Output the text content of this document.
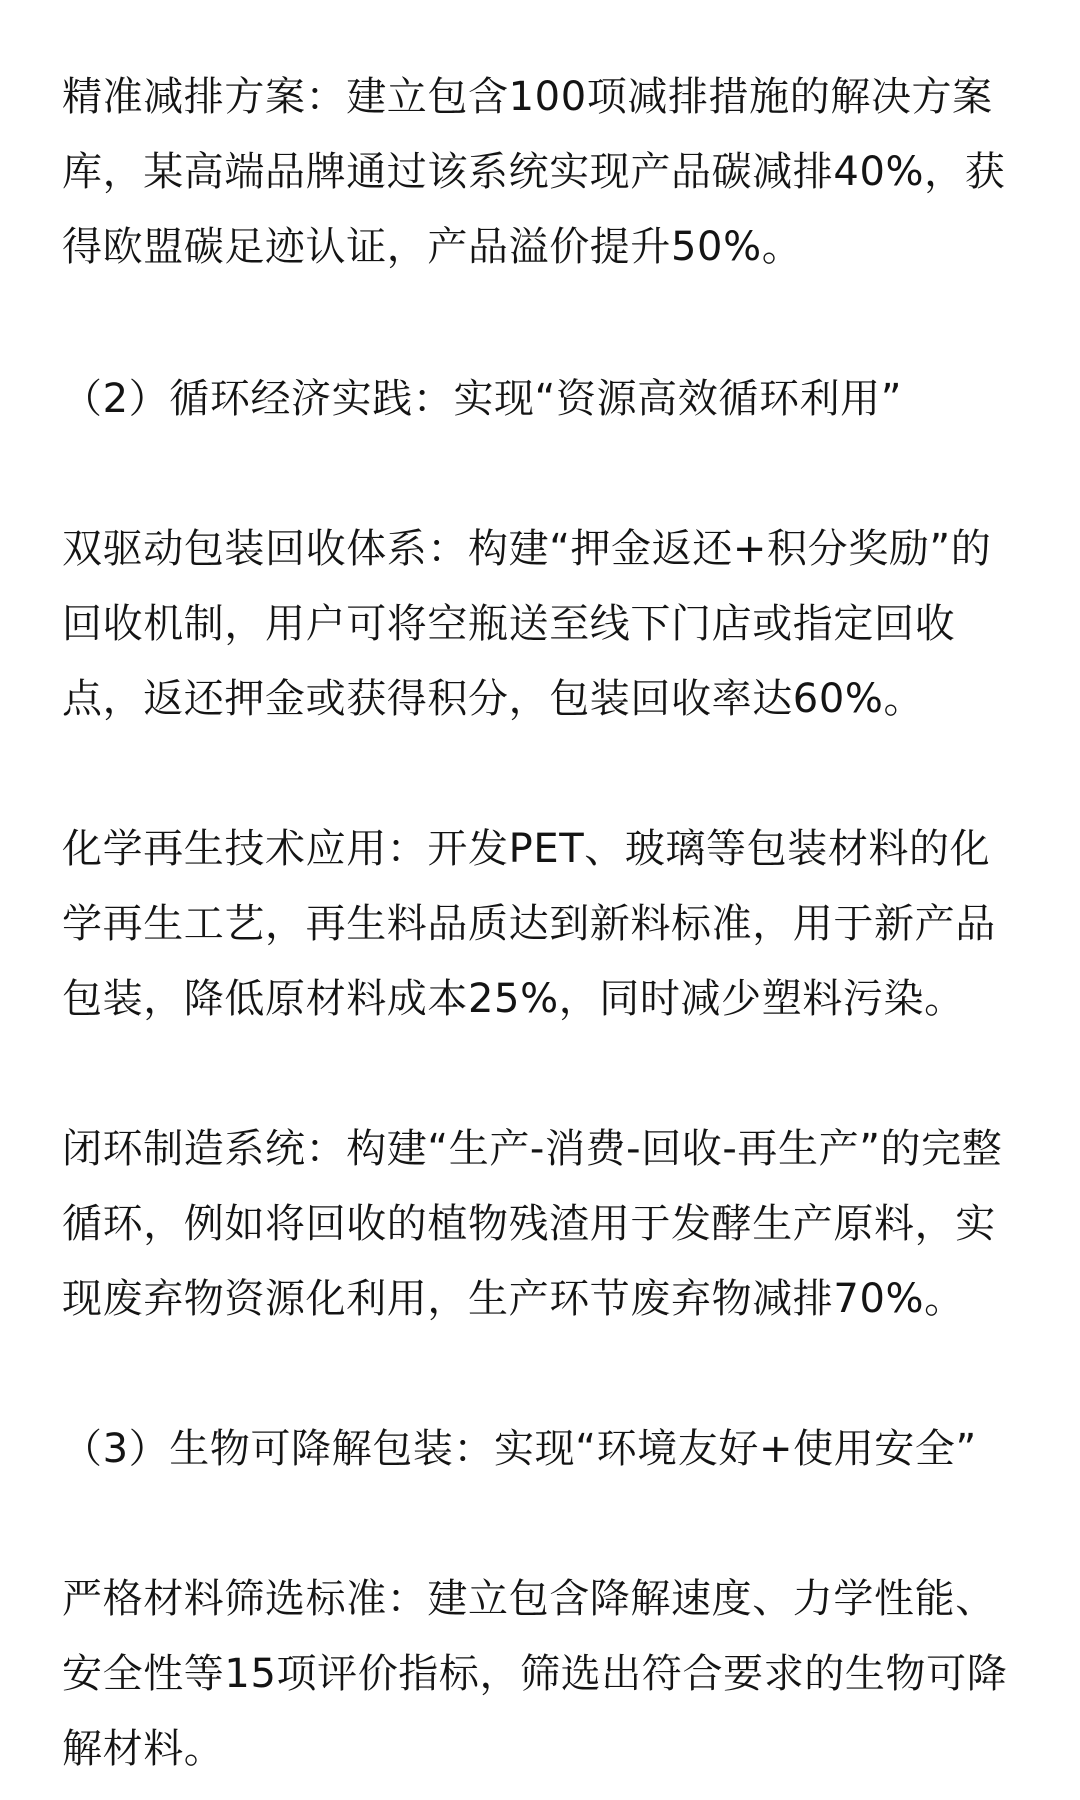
精准减排方案：建立包含100项减排措施的解决方案库，某高端品牌通过该系统实现产品碳减排40%，获得欧盟碳足迹认证，产品溢价提升50%。

（2）循环经济实践：实现“资源高效循环利用”

双驱动包装回收体系：构建“押金返还+积分奖励”的回收机制，用户可将空瓶送至线下门店或指定回收点，返还押金或获得积分，包装回收率达60%。

化学再生技术应用：开发PET、玻璃等包装材料的化学再生工艺，再生料品质达到新料标准，用于新产品包装，降低原材料成本25%，同时减少塑料污染。

闭环制造系统：构建“生产-消费-回收-再生产”的完整循环，例如将回收的植物残渣用于发酵生产原料，实现废弃物资源化利用，生产环节废弃物减排70%。

（3）生物可降解包装：实现“环境友好+使用安全”

严格材料筛选标准：建立包含降解速度、力学性能、安全性等15项评价指标，筛选出符合要求的生物可降解材料。
